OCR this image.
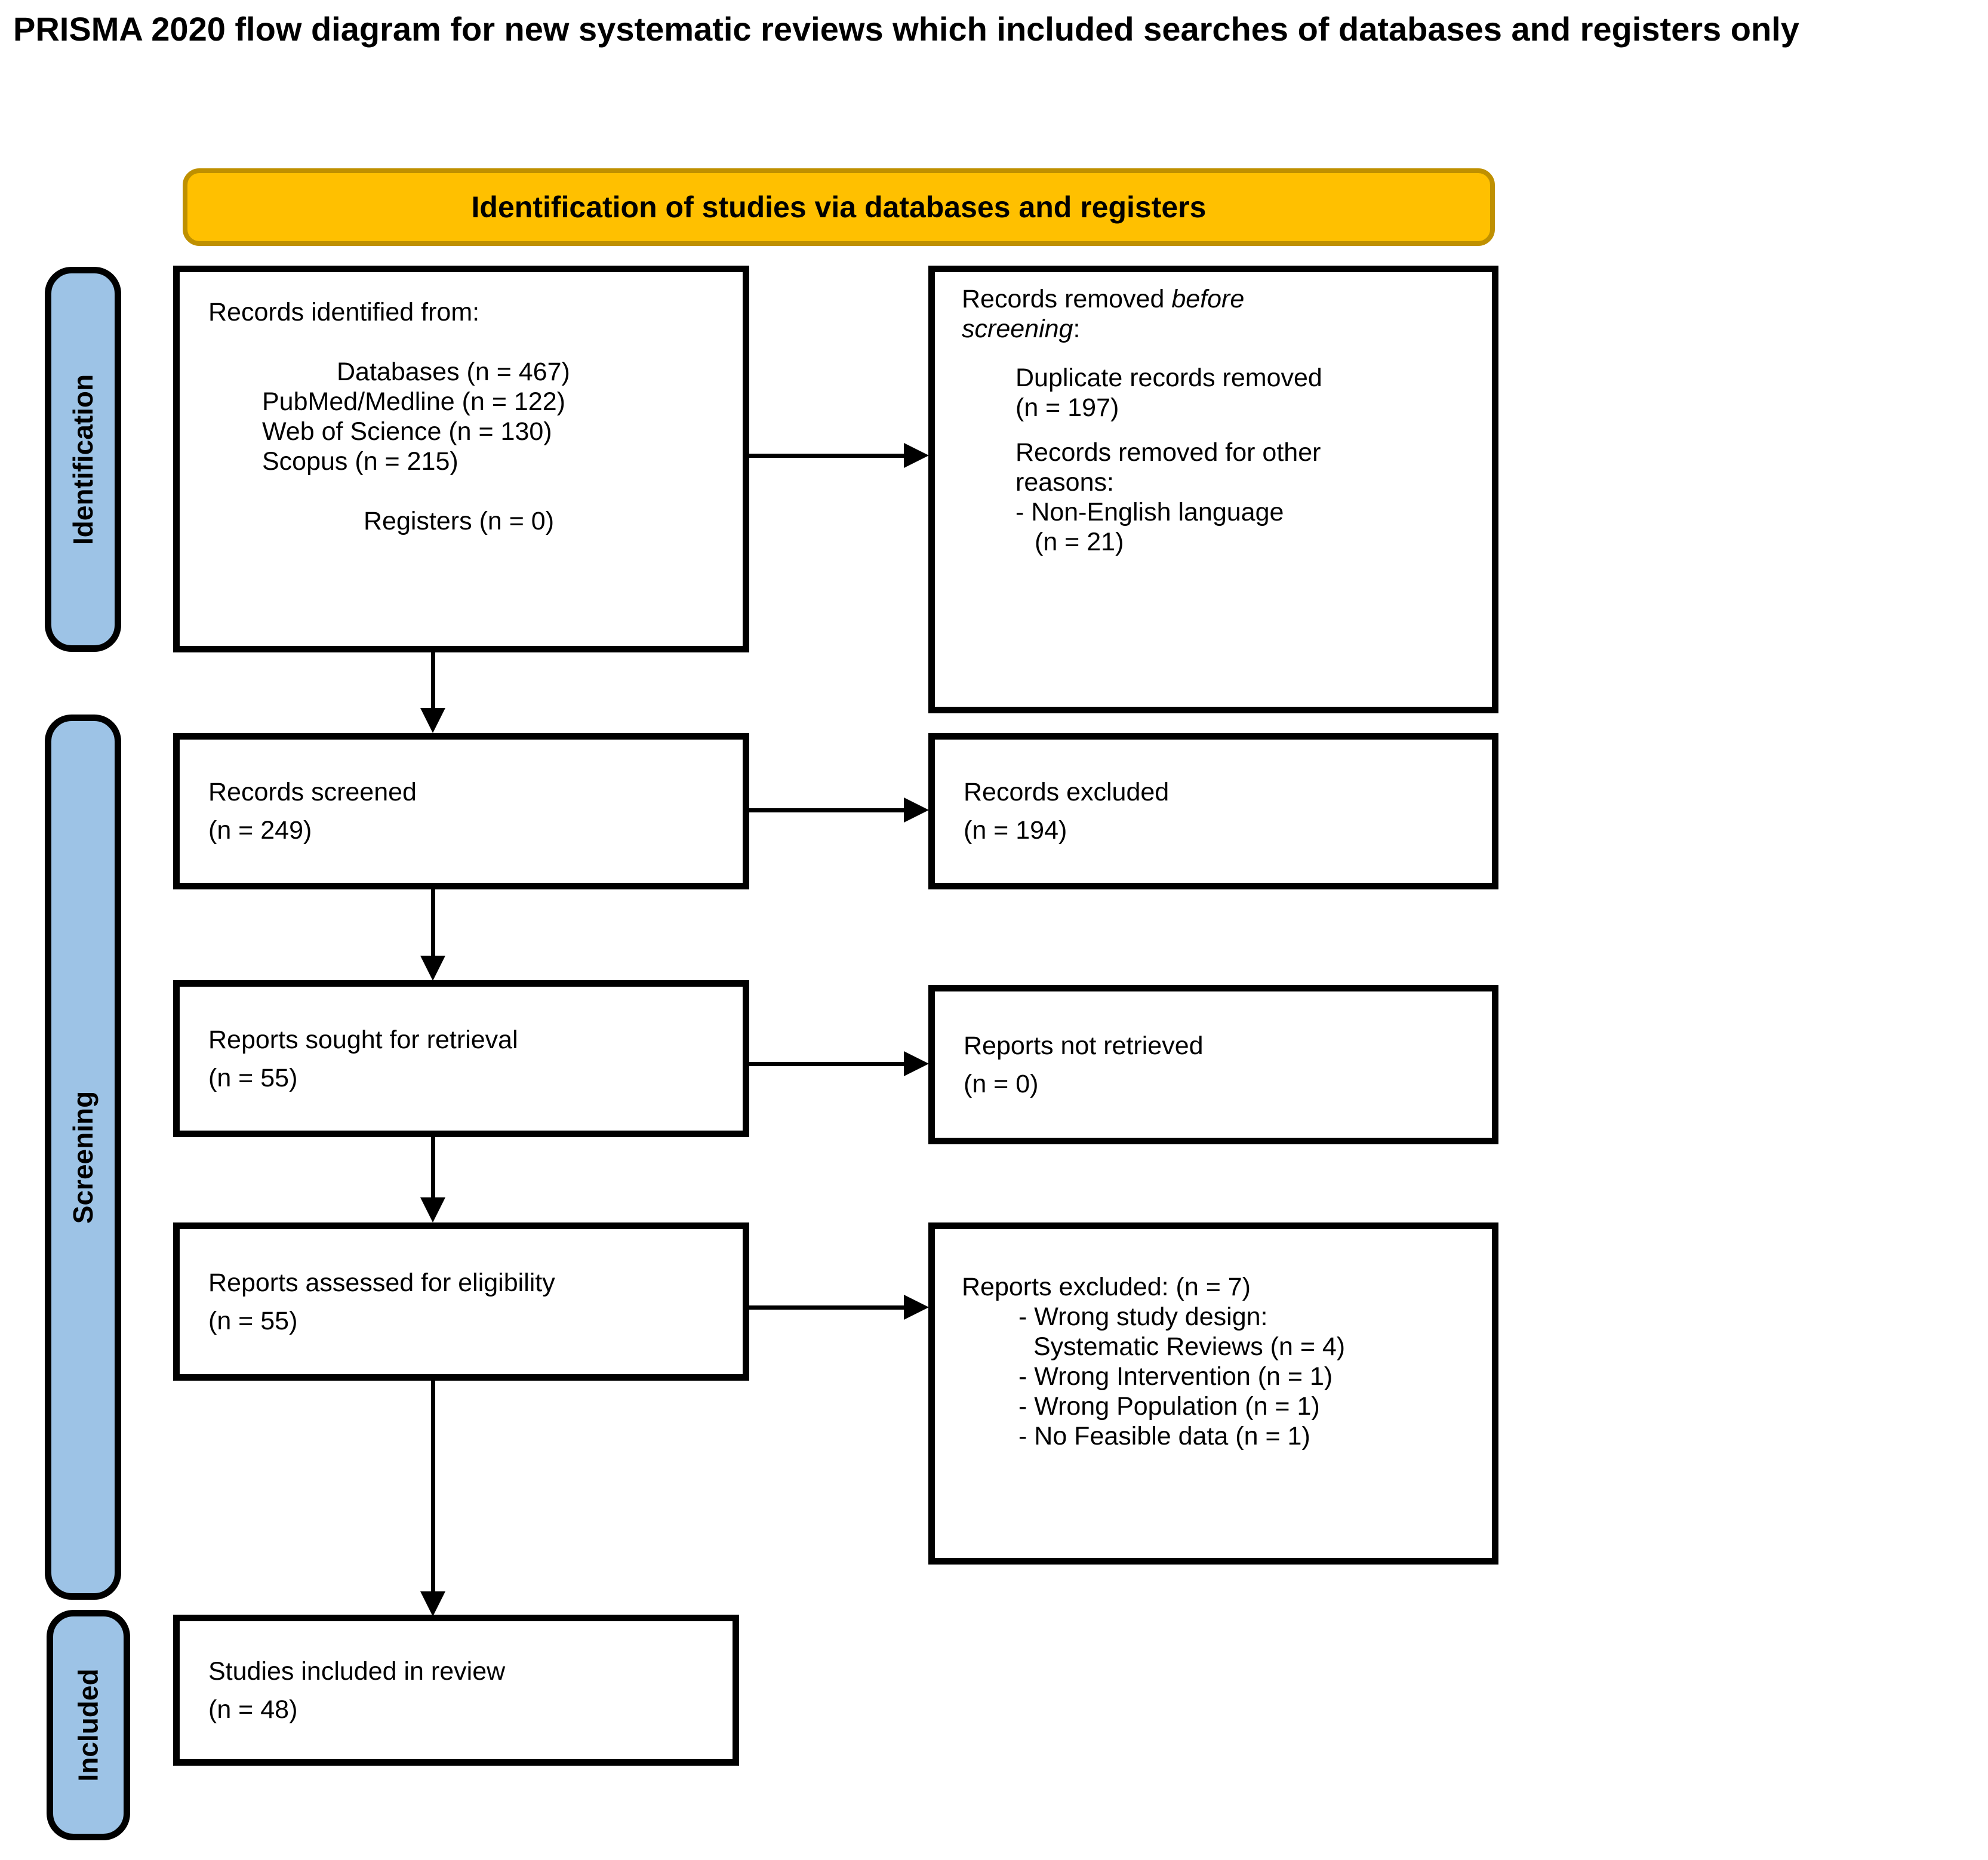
PRISMA 2020 flow diagram for new systematic reviews which included searches of databases and registers only
Identification of studies via databases and registers
Identification
Screening
Included
Records identified from:
Databases (n = 467)
PubMed/Medline (n = 122)
Web of Science (n = 130)
Scopus (n = 215)
Registers (n = 0)
Records removed before
screening:
Duplicate records removed
(n = 197)
Records removed for other
reasons:
- Non-English language
(n = 21)
Records screened
(n = 249)
Records excluded
(n = 194)
Reports sought for retrieval
(n = 55)
Reports not retrieved
(n = 0)
Reports assessed for eligibility
(n = 55)
Reports excluded: (n = 7)
- Wrong study design:
Systematic Reviews (n = 4)
- Wrong Intervention (n = 1)
- Wrong Population (n = 1)
- No Feasible data (n = 1)
Studies included in review
(n = 48)
